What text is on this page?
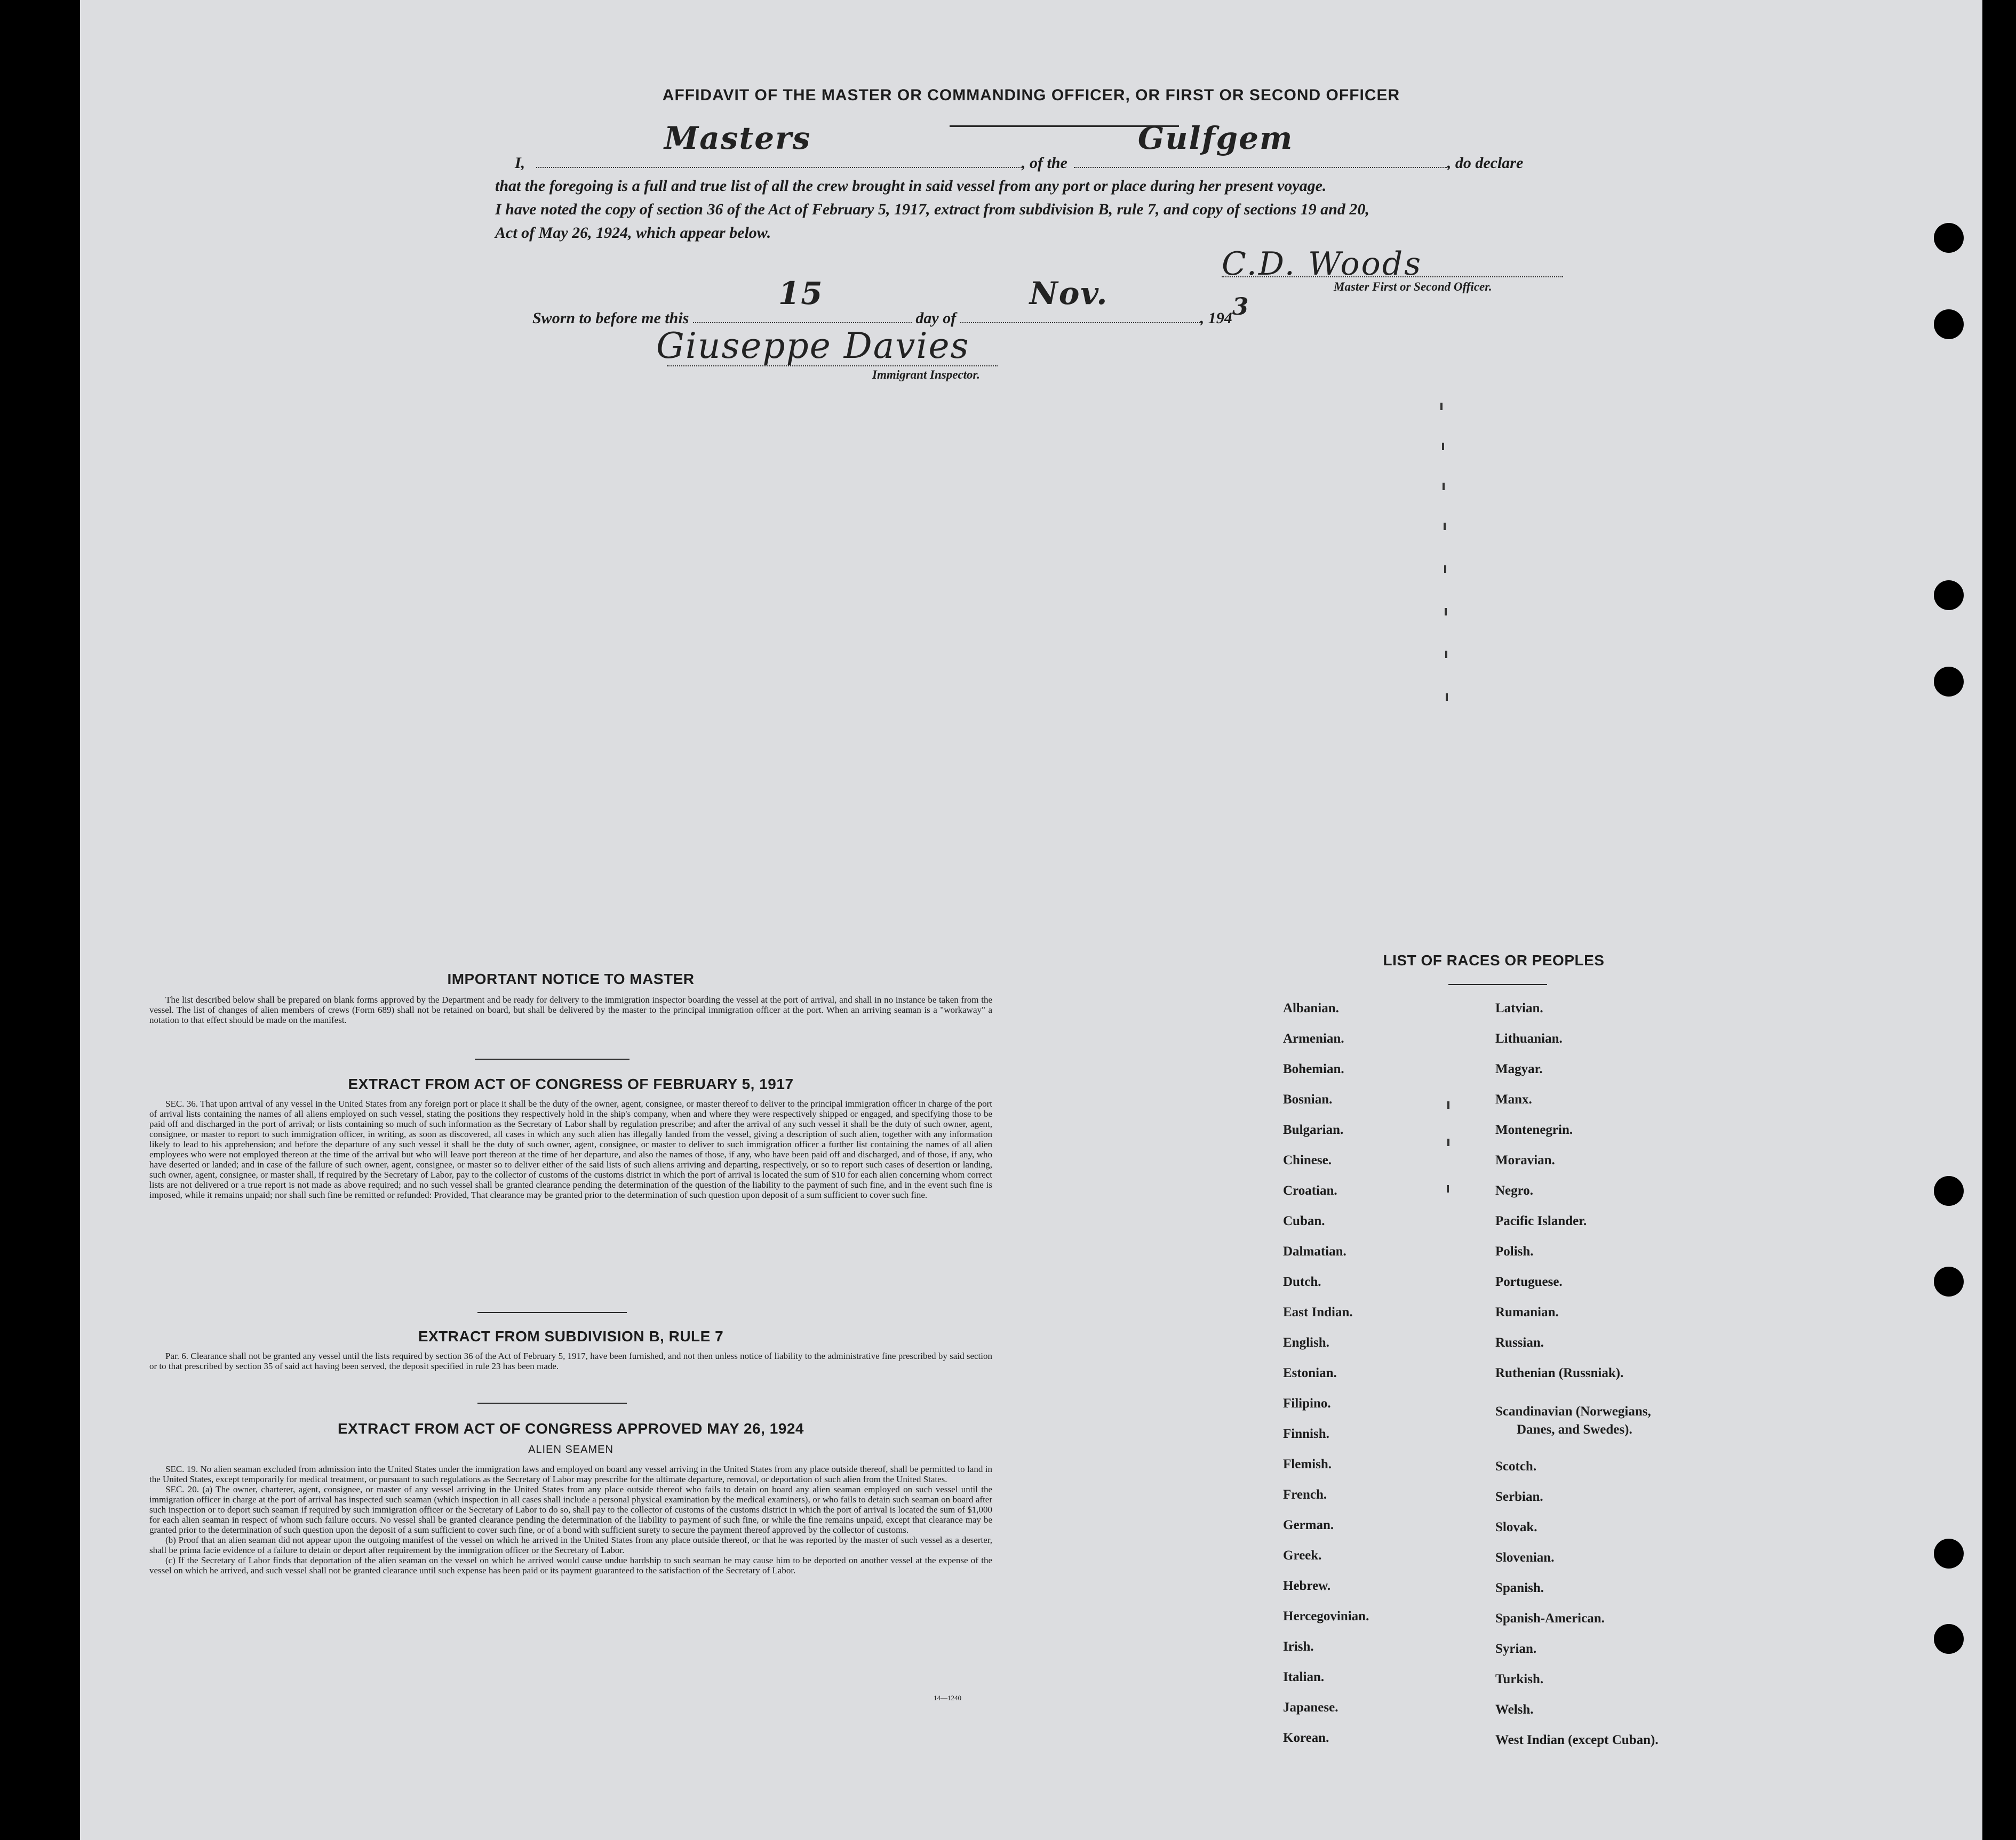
AFFIDAVIT OF THE MASTER OR COMMANDING OFFICER, OR FIRST OR SECOND OFFICER
I,
Masters
, of the
Gulfgem
, do declare
that the foregoing is a full and true list of all the crew brought in said vessel from any port or place during her present voyage.
I have noted the copy of section 36 of the Act of February 5, 1917, extract from subdivision B, rule 7, and copy of sections 19 and 20,
Act of May 26, 1924, which appear below.
C.D. Woods
Master First or Second Officer.
Sworn to before me this
15
day of
Nov.
, 1943
Giuseppe Davies
Immigrant Inspector.
IMPORTANT NOTICE TO MASTER

The list described below shall be prepared on blank forms approved by the Department and be ready for delivery to the immigration inspector boarding the vessel at the port of arrival, and shall in no instance be taken from the vessel. The list of changes of alien members of crews (Form 689) shall not be retained on board, but shall be delivered by the master to the principal immigration officer at the port. When an arriving seaman is a "workaway" a notation to that effect should be made on the manifest.

EXTRACT FROM ACT OF CONGRESS OF FEBRUARY 5, 1917

SEC. 36. That upon arrival of any vessel in the United States from any foreign port or place it shall be the duty of the owner, agent, consignee, or master thereof to deliver to the principal immigration officer in charge of the port of arrival lists containing the names of all aliens employed on such vessel, stating the positions they respectively hold in the ship's company, when and where they were respectively shipped or engaged, and specifying those to be paid off and discharged in the port of arrival; or lists containing so much of such information as the Secretary of Labor shall by regulation prescribe; and after the arrival of any such vessel it shall be the duty of such owner, agent, consignee, or master to report to such immigration officer, in writing, as soon as discovered, all cases in which any such alien has illegally landed from the vessel, giving a description of such alien, together with any information likely to lead to his apprehension; and before the departure of any such vessel it shall be the duty of such owner, agent, consignee, or master to deliver to such immigration officer a further list containing the names of all alien employees who were not employed thereon at the time of the arrival but who will leave port thereon at the time of her departure, and also the names of those, if any, who have been paid off and discharged, and of those, if any, who have deserted or landed; and in case of the failure of such owner, agent, consignee, or master so to deliver either of the said lists of such aliens arriving and departing, respectively, or so to report such cases of desertion or landing, such owner, agent, consignee, or master shall, if required by the Secretary of Labor, pay to the collector of customs of the customs district in which the port of arrival is located the sum of $10 for each alien concerning whom correct lists are not delivered or a true report is not made as above required; and no such vessel shall be granted clearance pending the determination of the question of the liability to the payment of such fine, and in the event such fine is imposed, while it remains unpaid; nor shall such fine be remitted or refunded: Provided, That clearance may be granted prior to the determination of such question upon deposit of a sum sufficient to cover such fine.

EXTRACT FROM SUBDIVISION B, RULE 7

Par. 6. Clearance shall not be granted any vessel until the lists required by section 36 of the Act of February 5, 1917, have been furnished, and not then unless notice of liability to the administrative fine prescribed by said section or to that prescribed by section 35 of said act having been served, the deposit specified in rule 23 has been made.

EXTRACT FROM ACT OF CONGRESS APPROVED MAY 26, 1924
ALIEN SEAMEN

SEC. 19. No alien seaman excluded from admission into the United States under the immigration laws and employed on board any vessel arriving in the United States from any place outside thereof, shall be permitted to land in the United States, except temporarily for medical treatment, or pursuant to such regulations as the Secretary of Labor may prescribe for the ultimate departure, removal, or deportation of such alien from the United States.

SEC. 20. (a) The owner, charterer, agent, consignee, or master of any vessel arriving in the United States from any place outside thereof who fails to detain on board any alien seaman employed on such vessel until the immigration officer in charge at the port of arrival has inspected such seaman (which inspection in all cases shall include a personal physical examination by the medical examiners), or who fails to detain such seaman on board after such inspection or to deport such seaman if required by such immigration officer or the Secretary of Labor to do so, shall pay to the collector of customs of the customs district in which the port of arrival is located the sum of $1,000 for each alien seaman in respect of whom such failure occurs. No vessel shall be granted clearance pending the determination of the liability to payment of such fine, or while the fine remains unpaid, except that clearance may be granted prior to the determination of such question upon the deposit of a sum sufficient to cover such fine, or of a bond with sufficient surety to secure the payment thereof approved by the collector of customs.

(b) Proof that an alien seaman did not appear upon the outgoing manifest of the vessel on which he arrived in the United States from any place outside thereof, or that he was reported by the master of such vessel as a deserter, shall be prima facie evidence of a failure to detain or deport after requirement by the immigration officer or the Secretary of Labor.

(c) If the Secretary of Labor finds that deportation of the alien seaman on the vessel on which he arrived would cause undue hardship to such seaman he may cause him to be deported on another vessel at the expense of the vessel on which he arrived, and such vessel shall not be granted clearance until such expense has been paid or its payment guaranteed to the satisfaction of the Secretary of Labor.

14—1240
LIST OF RACES OR PEOPLES
Albanian.
Armenian.
Bohemian.
Bosnian.
Bulgarian.
Chinese.
Croatian.
Cuban.
Dalmatian.
Dutch.
East Indian.
English.
Estonian.
Filipino.
Finnish.
Flemish.
French.
German.
Greek.
Hebrew.
Hercegovinian.
Irish.
Italian.
Japanese.
Korean.
Latvian.
Lithuanian.
Magyar.
Manx.
Montenegrin.
Moravian.
Negro.
Pacific Islander.
Polish.
Portuguese.
Rumanian.
Russian.
Ruthenian (Russniak).
Scandinavian (Norwegians,
Danes, and Swedes).
Scotch.
Serbian.
Slovak.
Slovenian.
Spanish.
Spanish-American.
Syrian.
Turkish.
Welsh.
West Indian (except Cuban).
